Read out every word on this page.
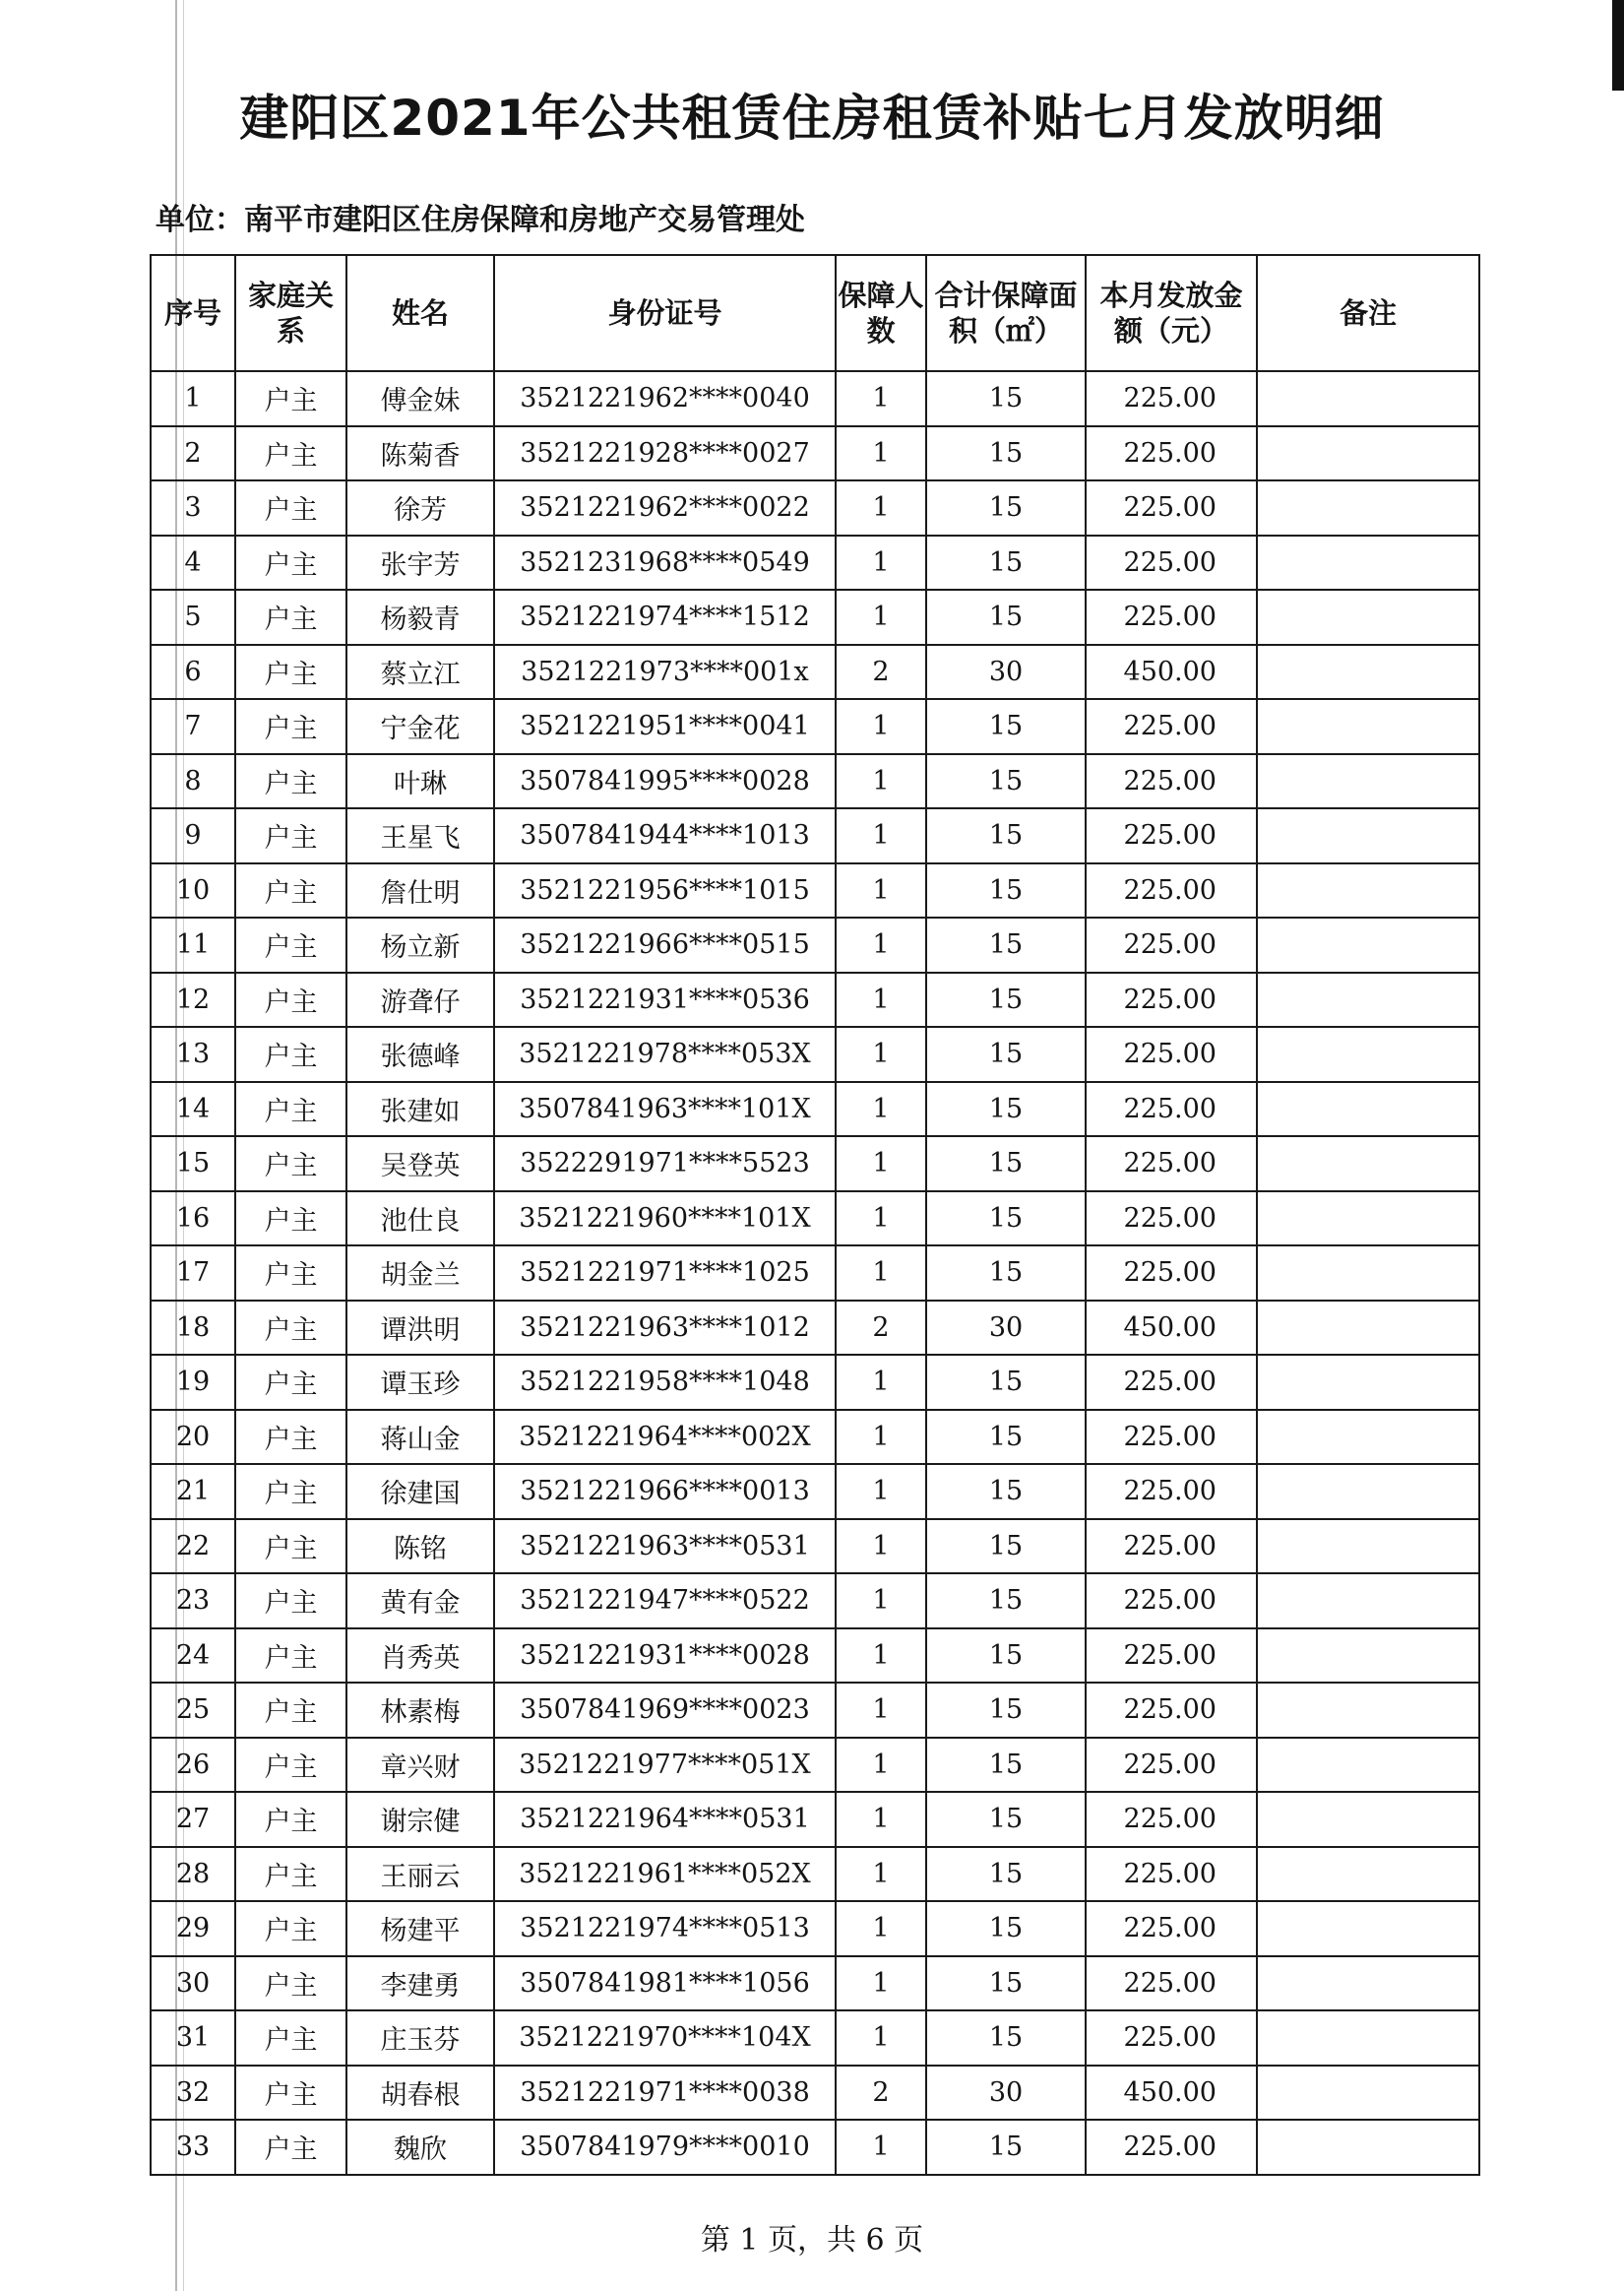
建阳区2021年公共租赁住房租赁补贴七月发放明细
单位：南平市建阳区住房保障和房地产交易管理处
序号	家庭关系	姓名	身份证号	保障人数	合计保障面积（㎡）	本月发放金额（元）	备注
1	户主	傅金妹	3521221962****0040	1	15	225.00	
2	户主	陈菊香	3521221928****0027	1	15	225.00	
3	户主	徐芳	3521221962****0022	1	15	225.00	
4	户主	张宇芳	3521231968****0549	1	15	225.00	
5	户主	杨毅青	3521221974****1512	1	15	225.00	
6	户主	蔡立江	3521221973****001x	2	30	450.00	
7	户主	宁金花	3521221951****0041	1	15	225.00	
8	户主	叶琳	3507841995****0028	1	15	225.00	
9	户主	王星飞	3507841944****1013	1	15	225.00	
10	户主	詹仕明	3521221956****1015	1	15	225.00	
11	户主	杨立新	3521221966****0515	1	15	225.00	
12	户主	游聋仔	3521221931****0536	1	15	225.00	
13	户主	张德峰	3521221978****053X	1	15	225.00	
14	户主	张建如	3507841963****101X	1	15	225.00	
15	户主	吴登英	3522291971****5523	1	15	225.00	
16	户主	池仕良	3521221960****101X	1	15	225.00	
17	户主	胡金兰	3521221971****1025	1	15	225.00	
18	户主	谭洪明	3521221963****1012	2	30	450.00	
19	户主	谭玉珍	3521221958****1048	1	15	225.00	
20	户主	蒋山金	3521221964****002X	1	15	225.00	
21	户主	徐建国	3521221966****0013	1	15	225.00	
22	户主	陈铭	3521221963****0531	1	15	225.00	
23	户主	黄有金	3521221947****0522	1	15	225.00	
24	户主	肖秀英	3521221931****0028	1	15	225.00	
25	户主	林素梅	3507841969****0023	1	15	225.00	
26	户主	章兴财	3521221977****051X	1	15	225.00	
27	户主	谢宗健	3521221964****0531	1	15	225.00	
28	户主	王丽云	3521221961****052X	1	15	225.00	
29	户主	杨建平	3521221974****0513	1	15	225.00	
30	户主	李建勇	3507841981****1056	1	15	225.00	
31	户主	庄玉芬	3521221970****104X	1	15	225.00	
32	户主	胡春根	3521221971****0038	2	30	450.00	
33	户主	魏欣	3507841979****0010	1	15	225.00	
第 1 页，共 6 页
